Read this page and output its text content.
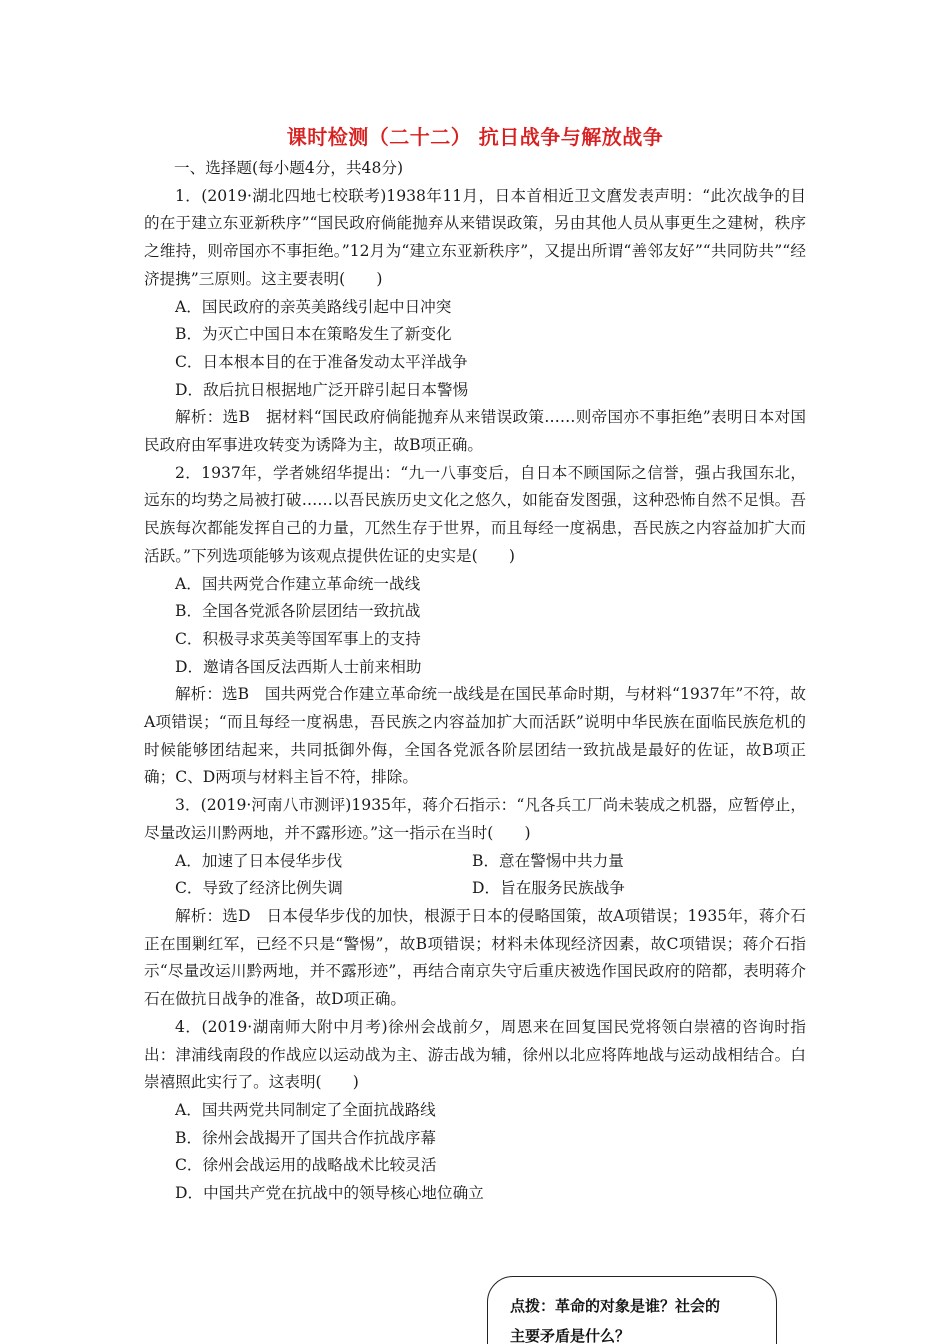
课时检测（二十二） 抗日战争与解放战争

一、选择题(每小题4分，共48分)

1．(2019·湖北四地七校联考)1938年11月，日本首相近卫文麿发表声明：“此次战争的目的在于建立东亚新秩序”“国民政府倘能抛弃从来错误政策，另由其他人员从事更生之建树，秩序之维持，则帝国亦不事拒绝。”12月为“建立东亚新秩序”，又提出所谓“善邻友好”“共同防共”“经济提携”三原则。这主要表明(　　)

A．国民政府的亲英美路线引起中日冲突

B．为灭亡中国日本在策略发生了新变化

C．日本根本目的在于准备发动太平洋战争

D．敌后抗日根据地广泛开辟引起日本警惕

解析：选B　据材料“国民政府倘能抛弃从来错误政策……则帝国亦不事拒绝”表明日本对国民政府由军事进攻转变为诱降为主，故B项正确。

2．1937年，学者姚绍华提出：“九一八事变后，自日本不顾国际之信誉，强占我国东北，远东的均势之局被打破……以吾民族历史文化之悠久，如能奋发图强，这种恐怖自然不足惧。吾民族每次都能发挥自己的力量，兀然生存于世界，而且每经一度祸患，吾民族之内容益加扩大而活跃。”下列选项能够为该观点提供佐证的史实是(　　)

A．国共两党合作建立革命统一战线

B．全国各党派各阶层团结一致抗战

C．积极寻求英美等国军事上的支持

D．邀请各国反法西斯人士前来相助

解析：选B　国共两党合作建立革命统一战线是在国民革命时期，与材料“1937年”不符，故A项错误；“而且每经一度祸患，吾民族之内容益加扩大而活跃”说明中华民族在面临民族危机的时候能够团结起来，共同抵御外侮，全国各党派各阶层团结一致抗战是最好的佐证，故B项正确；C、D两项与材料主旨不符，排除。

3．(2019·河南八市测评)1935年，蒋介石指示：“凡各兵工厂尚未装成之机器，应暂停止，尽量改运川黔两地，并不露形迹。”这一指示在当时(　　)

A．加速了日本侵华步伐	B．意在警惕中共力量
C．导致了经济比例失调	D．旨在服务民族战争

解析：选D　日本侵华步伐的加快，根源于日本的侵略国策，故A项错误；1935年，蒋介石正在围剿红军，已经不只是“警惕”，故B项错误；材料未体现经济因素，故C项错误；蒋介石指示“尽量改运川黔两地，并不露形迹”，再结合南京失守后重庆被选作国民政府的陪都，表明蒋介石在做抗日战争的准备，故D项正确。

4．(2019·湖南师大附中月考)徐州会战前夕，周恩来在回复国民党将领白崇禧的咨询时指出：津浦线南段的作战应以运动战为主、游击战为辅，徐州以北应将阵地战与运动战相结合。白崇禧照此实行了。这表明(　　)

A．国共两党共同制定了全面抗战路线

B．徐州会战揭开了国共合作抗战序幕

C．徐州会战运用的战略战术比较灵活

D．中国共产党在抗战中的领导核心地位确立

点拨：革命的对象是谁？社会的
主要矛盾是什么？
